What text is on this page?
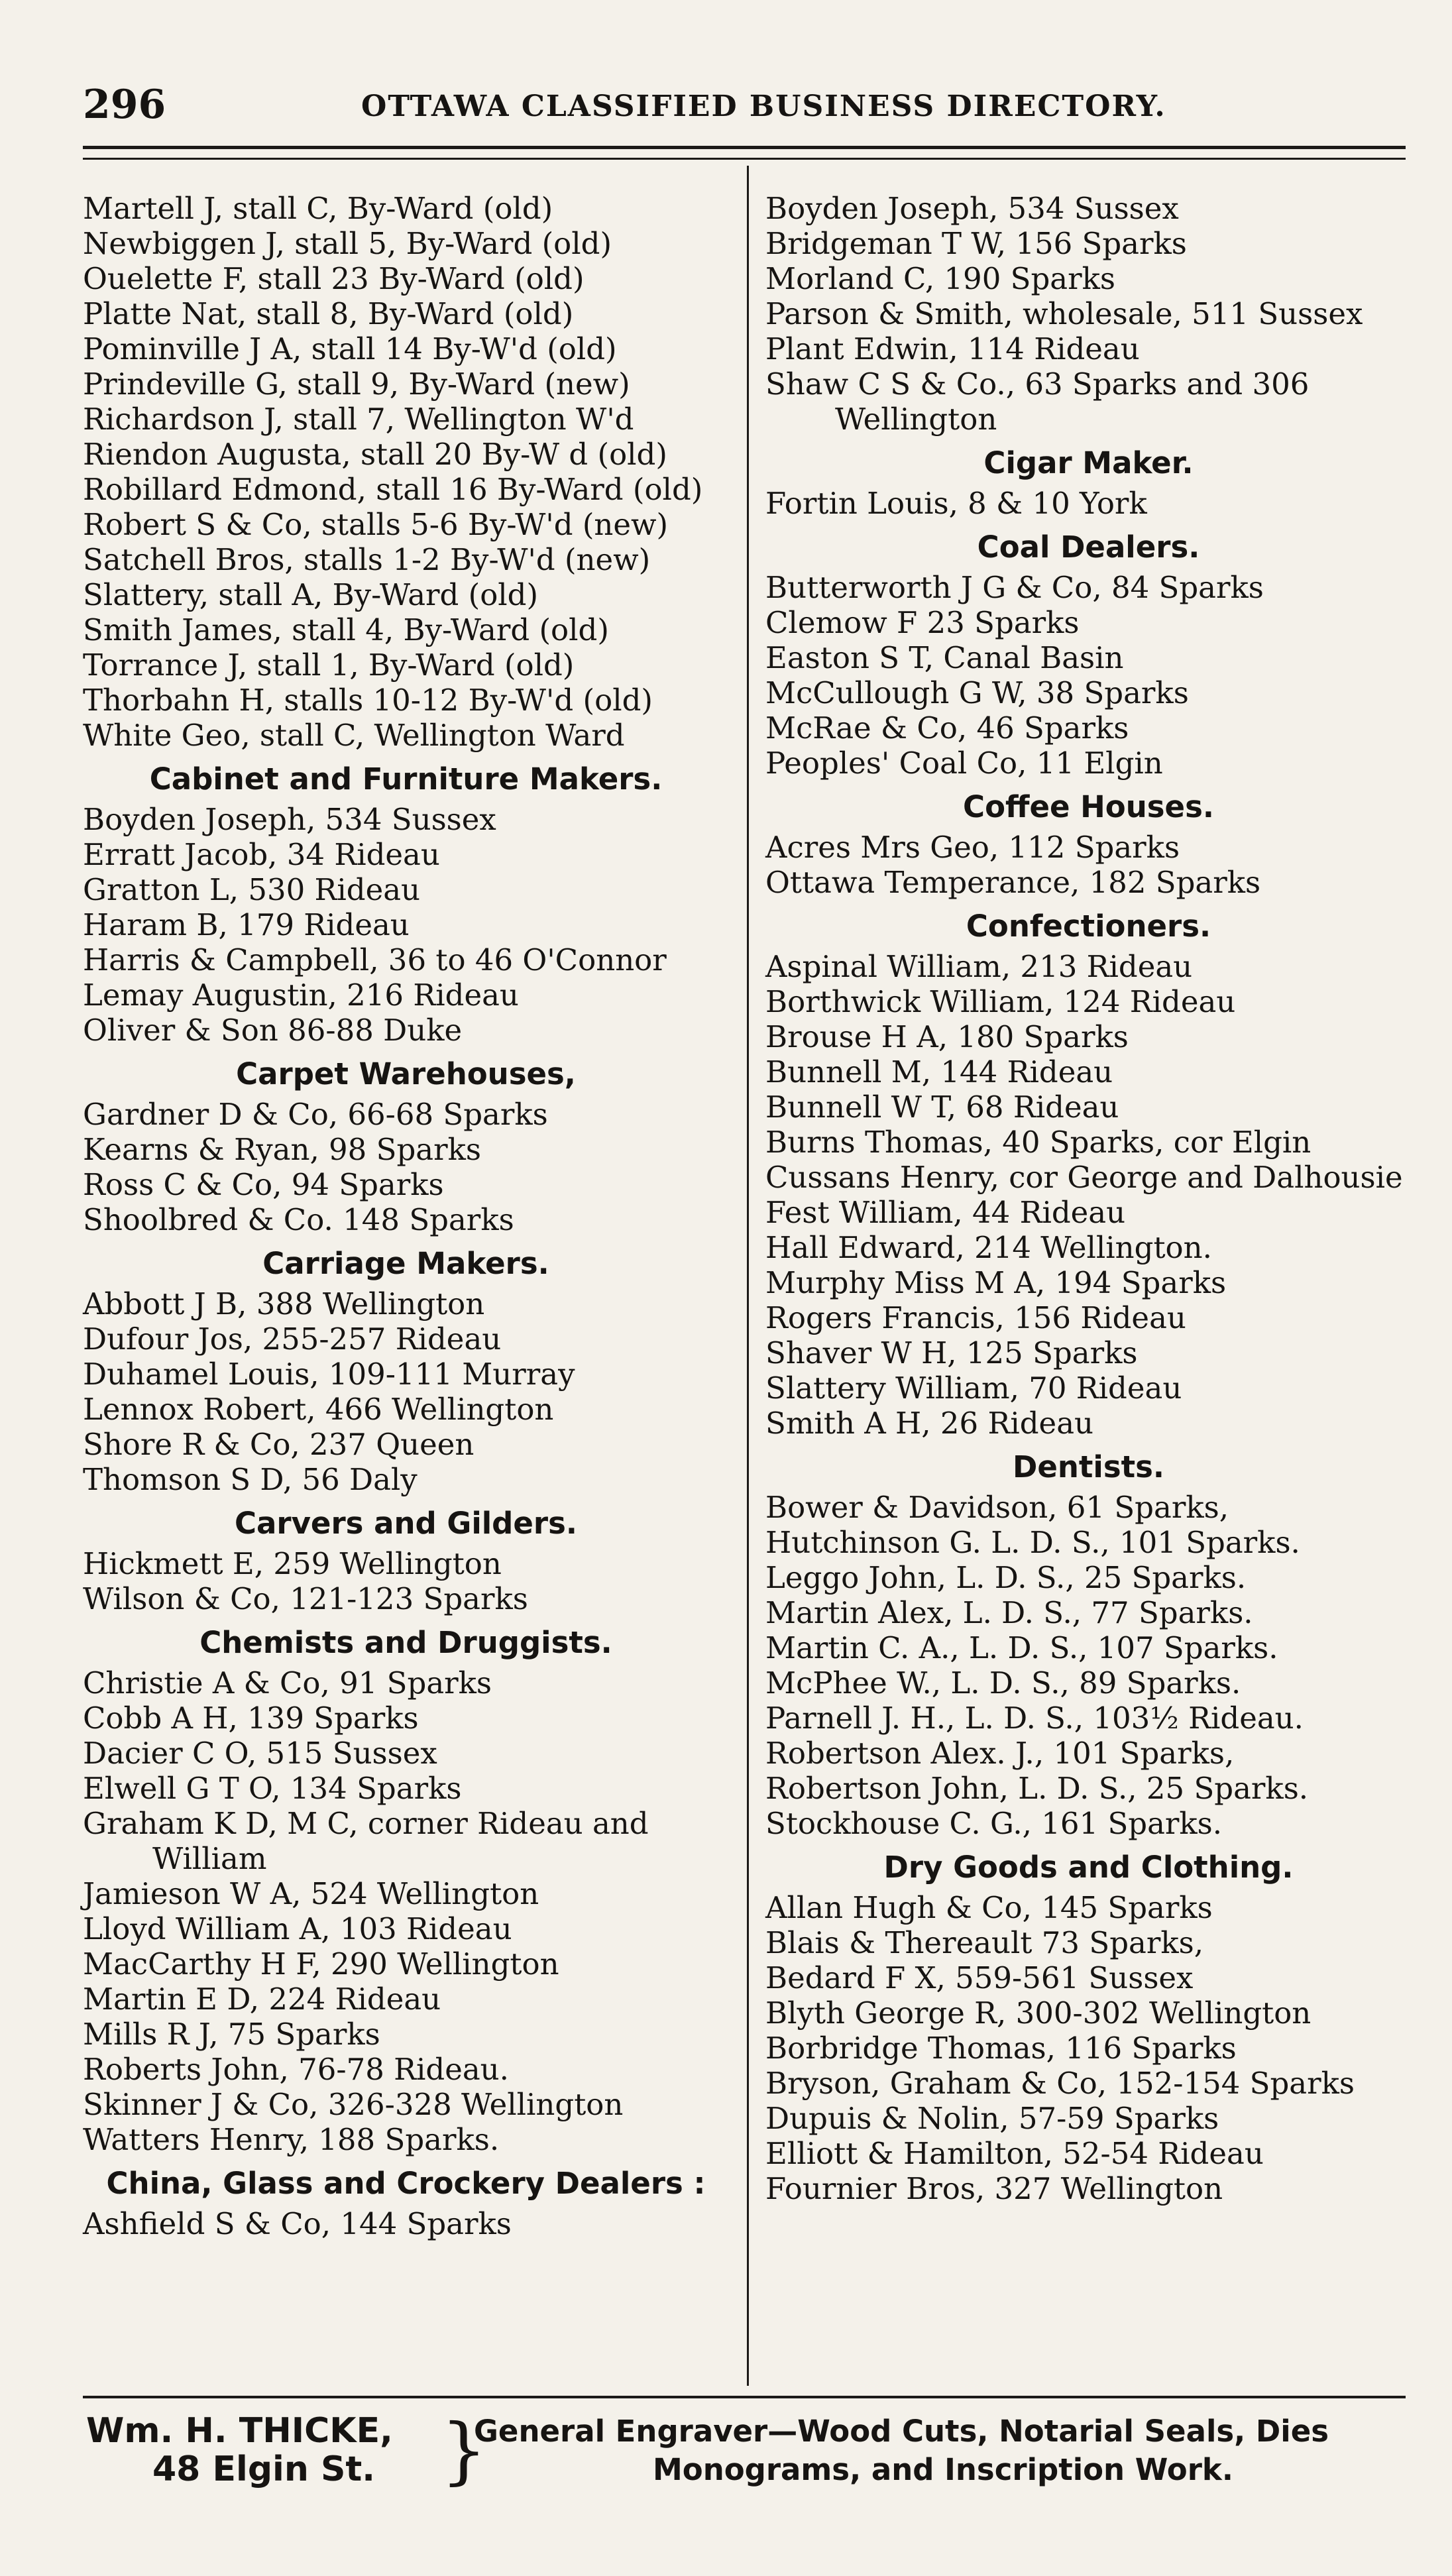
296	OTTAWA CLASSIFIED BUSINESS DIRECTORY.
Martell J, stall C, By-Ward (old)
Newbiggen J, stall 5, By-Ward (old)
Ouelette F, stall 23 By-Ward (old)
Platte Nat, stall 8, By-Ward (old)
Pominville J A, stall 14 By-W'd (old)
Prindeville G, stall 9, By-Ward (new)
Richardson J, stall 7, Wellington W'd
Riendon Augusta, stall 20 By-W d (old)
Robillard Edmond, stall 16 By-Ward (old)
Robert S & Co, stalls 5-6 By-W'd (new)
Satchell Bros, stalls 1-2 By-W'd (new)
Slattery, stall A, By-Ward (old)
Smith James, stall 4, By-Ward (old)
Torrance J, stall 1, By-Ward (old)
Thorbahn H, stalls 10-12 By-W'd (old)
White Geo, stall C, Wellington Ward
Cabinet and Furniture Makers.
Boyden Joseph, 534 Sussex
Erratt Jacob, 34 Rideau
Gratton L, 530 Rideau
Haram B, 179 Rideau
Harris & Campbell, 36 to 46 O'Connor
Lemay Augustin, 216 Rideau
Oliver & Son 86-88 Duke
Carpet Warehouses,
Gardner D & Co, 66-68 Sparks
Kearns & Ryan, 98 Sparks
Ross C & Co, 94 Sparks
Shoolbred & Co. 148 Sparks
Carriage Makers.
Abbott J B, 388 Wellington
Dufour Jos, 255-257 Rideau
Duhamel Louis, 109-111 Murray
Lennox Robert, 466 Wellington
Shore R & Co, 237 Queen
Thomson S D, 56 Daly
Carvers and Gilders.
Hickmett E, 259 Wellington
Wilson & Co, 121-123 Sparks
Chemists and Druggists.
Christie A & Co, 91 Sparks
Cobb A H, 139 Sparks
Dacier C O, 515 Sussex
Elwell G T O, 134 Sparks
Graham K D, M C, corner Rideau and William
Jamieson W A, 524 Wellington
Lloyd William A, 103 Rideau
MacCarthy H F, 290 Wellington
Martin E D, 224 Rideau
Mills R J, 75 Sparks
Roberts John, 76-78 Rideau.
Skinner J & Co, 326-328 Wellington
Watters Henry, 188 Sparks.
China, Glass and Crockery Dealers :
Ashfield S & Co, 144 Sparks
Boyden Joseph, 534 Sussex
Bridgeman T W, 156 Sparks
Morland C, 190 Sparks
Parson & Smith, wholesale, 511 Sussex
Plant Edwin, 114 Rideau
Shaw C S & Co., 63 Sparks and 306 Wellington
Cigar Maker.
Fortin Louis, 8 & 10 York
Coal Dealers.
Butterworth J G & Co, 84 Sparks
Clemow F 23 Sparks
Easton S T, Canal Basin
McCullough G W, 38 Sparks
McRae & Co, 46 Sparks
Peoples' Coal Co, 11 Elgin
Coffee Houses.
Acres Mrs Geo, 112 Sparks
Ottawa Temperance, 182 Sparks
Confectioners.
Aspinal William, 213 Rideau
Borthwick William, 124 Rideau
Brouse H A, 180 Sparks
Bunnell M, 144 Rideau
Bunnell W T, 68 Rideau
Burns Thomas, 40 Sparks, cor Elgin
Cussans Henry, cor George and Dalhousie
Fest William, 44 Rideau
Hall Edward, 214 Wellington.
Murphy Miss M A, 194 Sparks
Rogers Francis, 156 Rideau
Shaver W H, 125 Sparks
Slattery William, 70 Rideau
Smith A H, 26 Rideau
Dentists.
Bower & Davidson, 61 Sparks,
Hutchinson G. L. D. S., 101 Sparks.
Leggo John, L. D. S., 25 Sparks.
Martin Alex, L. D. S., 77 Sparks.
Martin C. A., L. D. S., 107 Sparks.
McPhee W., L. D. S., 89 Sparks.
Parnell J. H., L. D. S., 103½ Rideau.
Robertson Alex. J., 101 Sparks,
Robertson John, L. D. S., 25 Sparks.
Stockhouse C. G., 161 Sparks.
Dry Goods and Clothing.
Allan Hugh & Co, 145 Sparks
Blais & Thereault 73 Sparks,
Bedard F X, 559-561 Sussex
Blyth George R, 300-302 Wellington
Borbridge Thomas, 116 Sparks
Bryson, Graham & Co, 152-154 Sparks
Dupuis & Nolin, 57-59 Sparks
Elliott & Hamilton, 52-54 Rideau
Fournier Bros, 327 Wellington
Wm. H. THICKE,
48 Elgin St. }
General Engraver—Wood Cuts, Notarial Seals, Dies
Monograms, and Inscription Work.
